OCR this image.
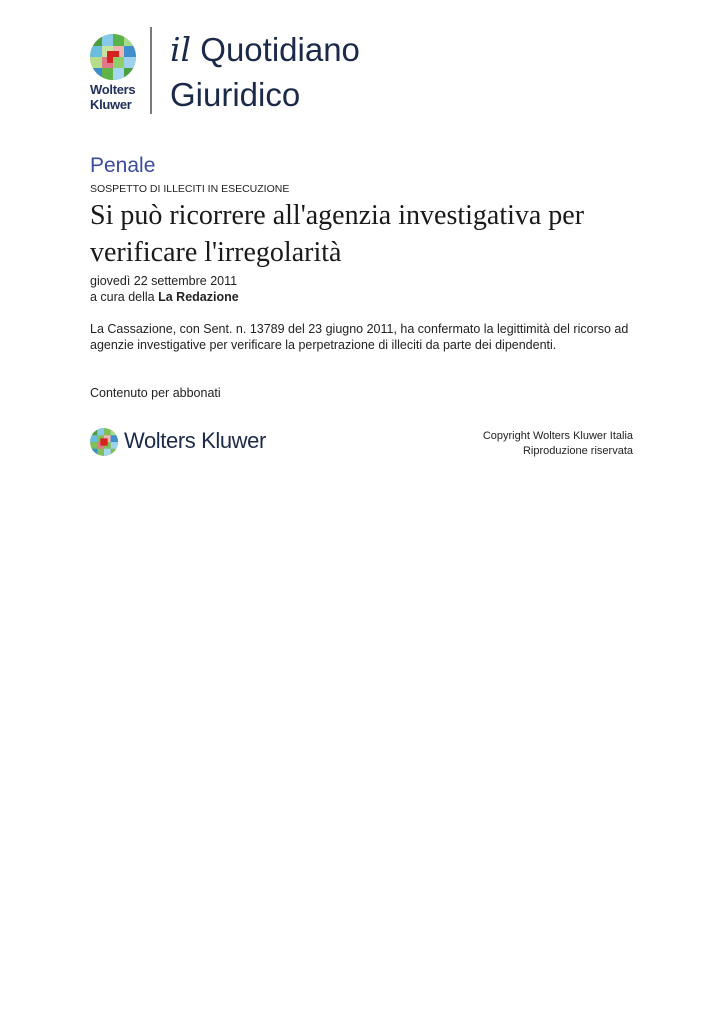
Wolters
Kluwer
il Quotidiano
Giuridico
Penale
SOSPETTO DI ILLECITI IN ESECUZIONE
Si può ricorrere all'agenzia investigativa per verificare l'irregolarità
giovedì 22 settembre 2011
a cura della La Redazione
La Cassazione, con Sent. n. 13789 del 23 giugno 2011, ha confermato la legittimità del ricorso ad agenzie investigative per verificare la perpetrazione di illeciti da parte dei dipendenti.
Contenuto per abbonati
Wolters Kluwer	Copyright Wolters Kluwer Italia
Riproduzione riservata
